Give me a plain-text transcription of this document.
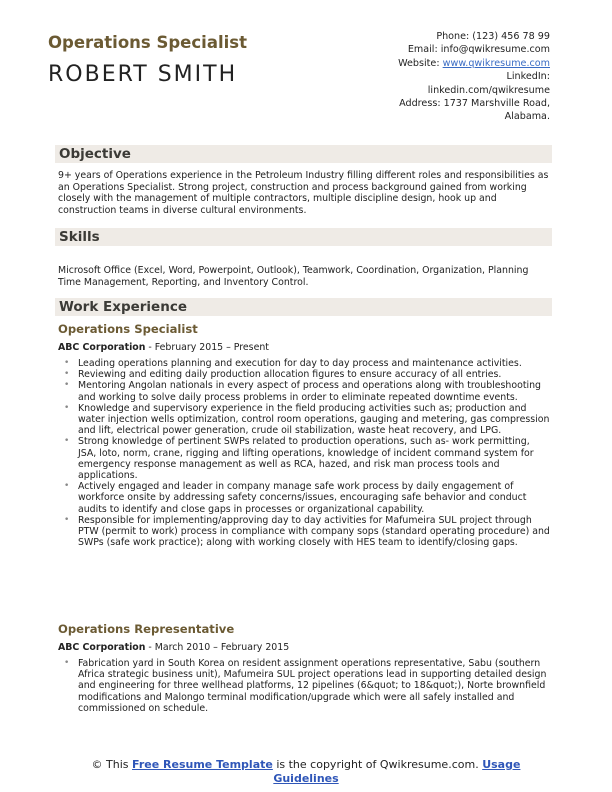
Operations Specialist
ROBERT SMITH
Phone: (123) 456 78 99
Email: info@qwikresume.com
Website: www.qwikresume.com
LinkedIn:
linkedin.com/qwikresume
Address: 1737 Marshville Road,
Alabama.
Objective
9+ years of Operations experience in the Petroleum Industry filling different roles and responsibilities as an Operations Specialist. Strong project, construction and process background gained from working closely with the management of multiple contractors, multiple discipline design, hook up and construction teams in diverse cultural environments.
Skills
Microsoft Office (Excel, Word, Powerpoint, Outlook), Teamwork, Coordination, Organization, Planning Time Management, Reporting, and Inventory Control.
Work Experience
Operations Specialist
ABC Corporation - February 2015 – Present
• Leading operations planning and execution for day to day process and maintenance activities.
• Reviewing and editing daily production allocation figures to ensure accuracy of all entries.
• Mentoring Angolan nationals in every aspect of process and operations along with troubleshooting and working to solve daily process problems in order to eliminate repeated downtime events.
• Knowledge and supervisory experience in the field producing activities such as; production and water injection wells optimization, control room operations, gauging and metering, gas compression and lift, electrical power generation, crude oil stabilization, waste heat recovery, and LPG.
• Strong knowledge of pertinent SWPs related to production operations, such as- work permitting, JSA, loto, norm, crane, rigging and lifting operations, knowledge of incident command system for emergency response management as well as RCA, hazed, and risk man process tools and applications.
• Actively engaged and leader in company manage safe work process by daily engagement of workforce onsite by addressing safety concerns/issues, encouraging safe behavior and conduct audits to identify and close gaps in processes or organizational capability.
• Responsible for implementing/approving day to day activities for Mafumeira SUL project through PTW (permit to work) process in compliance with company sops (standard operating procedure) and SWPs (safe work practice); along with working closely with HES team to identify/closing gaps.
Operations Representative
ABC Corporation - March 2010 – February 2015
• Fabrication yard in South Korea on resident assignment operations representative, Sabu (southern Africa strategic business unit), Mafumeira SUL project operations lead in supporting detailed design and engineering for three wellhead platforms, 12 pipelines (6&quot; to 18&quot;), Norte brownfield modifications and Malongo terminal modification/upgrade which were all safely installed and commissioned on schedule.
© This Free Resume Template is the copyright of Qwikresume.com. Usage
Guidelines
